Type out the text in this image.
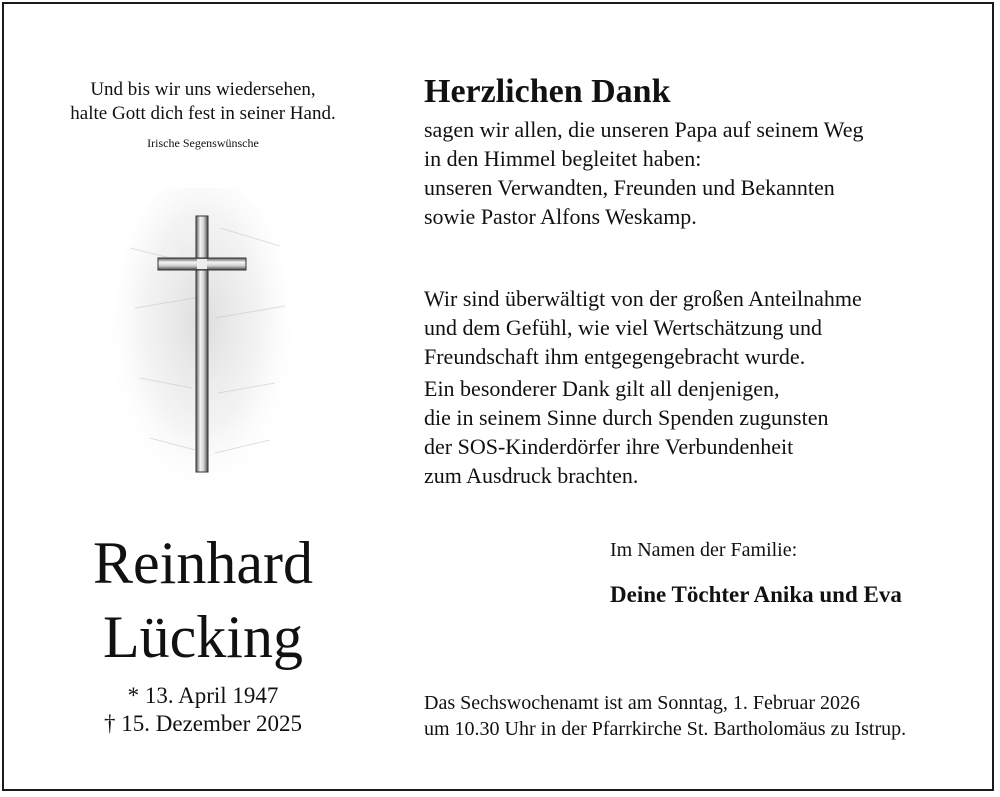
Und bis wir uns wiedersehen,
halte Gott dich fest in seiner Hand.
Irische Segenswünsche
Reinhard
Lücking
* 13. April 1947
† 15. Dezember 2025
Herzlichen Dank
sagen wir allen, die unseren Papa auf seinem Weg
in den Himmel begleitet haben:
unseren Verwandten, Freunden und Bekannten
sowie Pastor Alfons Weskamp.
Wir sind überwältigt von der großen Anteilnahme
und dem Gefühl, wie viel Wertschätzung und
Freundschaft ihm entgegengebracht wurde.
Ein besonderer Dank gilt all denjenigen,
die in seinem Sinne durch Spenden zugunsten
der SOS-Kinderdörfer ihre Verbundenheit
zum Ausdruck brachten.
Im Namen der Familie:
Deine Töchter Anika und Eva
Das Sechswochenamt ist am Sonntag, 1. Februar 2026
um 10.30 Uhr in der Pfarrkirche St. Bartholomäus zu Istrup.
